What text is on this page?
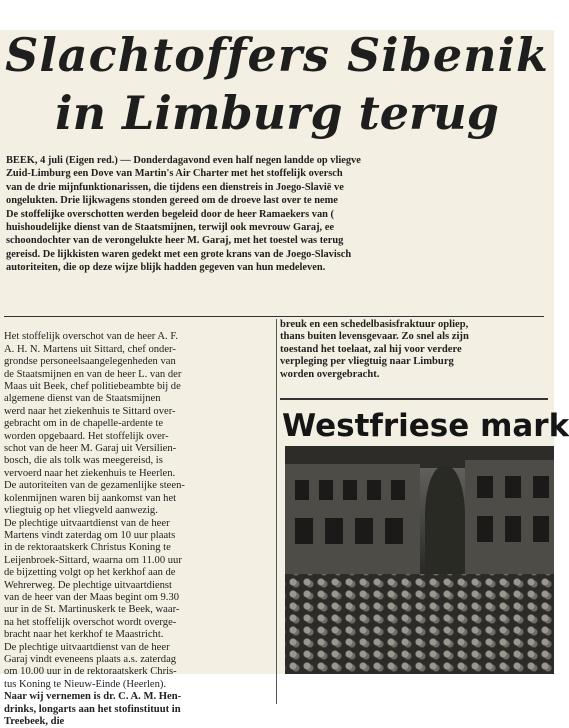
Slachtoffers Sibenik
in Limburg terug
BEEK, 4 juli (Eigen red.) — Donderdagavond even half negen landde op vliegve
Zuid-Limburg een Dove van Martin's Air Charter met het stoffelijk oversch
van de drie mijnfunktionarissen, die tijdens een dienstreis in Joego-Slavië ve
ongelukten. Drie lijkwagens stonden gereed om de droeve last over te neme
De stoffelijke overschotten werden begeleid door de heer Ramaekers van (
huishoudelijke dienst van de Staatsmijnen, terwijl ook mevrouw Garaj, ee
schoondochter van de verongelukte heer M. Garaj, met het toestel was terug
gereisd. De lijkkisten waren gedekt met een grote krans van de Joego-Slavisch
autoriteiten, die op deze wijze blijk hadden gegeven van hun medeleven.

Het stoffelijk overschot van de heer A. F.
A. H. N. Martens uit Sittard, chef onder-
grondse personeelsaangelegenheden van
de Staatsmijnen en van de heer L. van der
Maas uit Beek, chef politiebeambte bij de
algemene dienst van de Staatsmijnen
werd naar het ziekenhuis te Sittard over-
gebracht om in de chapelle-ardente te
worden opgebaard. Het stoffelijk over-
schot van de heer M. Garaj uit Versilien-
bosch, die als tolk was meegereisd, is
vervoerd naar het ziekenhuis te Heerlen.
De autoriteiten van de gezamenlijke steen-
kolenmijnen waren bij aankomst van het
vliegtuig op het vliegveld aanwezig.
De plechtige uitvaartdienst van de heer
Martens vindt zaterdag om 10 uur plaats
in de rektoraatskerk Christus Koning te
Leijenbroek-Sittard, waarna om 11.00 uur
de bijzetting volgt op het kerkhof aan de
Wehrerweg. De plechtige uitvaartdienst
van de heer van der Maas begint om 9.30
uur in de St. Martinuskerk te Beek, waar-
na het stoffelijk overschot wordt overge-
bracht naar het kerkhof te Maastricht.
De plechtige uitvaartdienst van de heer
Garaj vindt eveneens plaats a.s. zaterdag
om 10.00 uur in de rektoraatskerk Chris-
tus Koning te Nieuw-Einde (Heerlen).
Naar wij vernemen is dr. C. A. M. Hen-
drinks, longarts aan het stofinstituut in
Treebeek, die

breuk en een schedelbasisfraktuur opliep,
thans buiten levensgevaar. Zo snel als zijn
toestand het toelaat, zal hij voor verdere
verpleging per vliegtuig naar Limburg
worden overgebracht.
Westfriese mark
